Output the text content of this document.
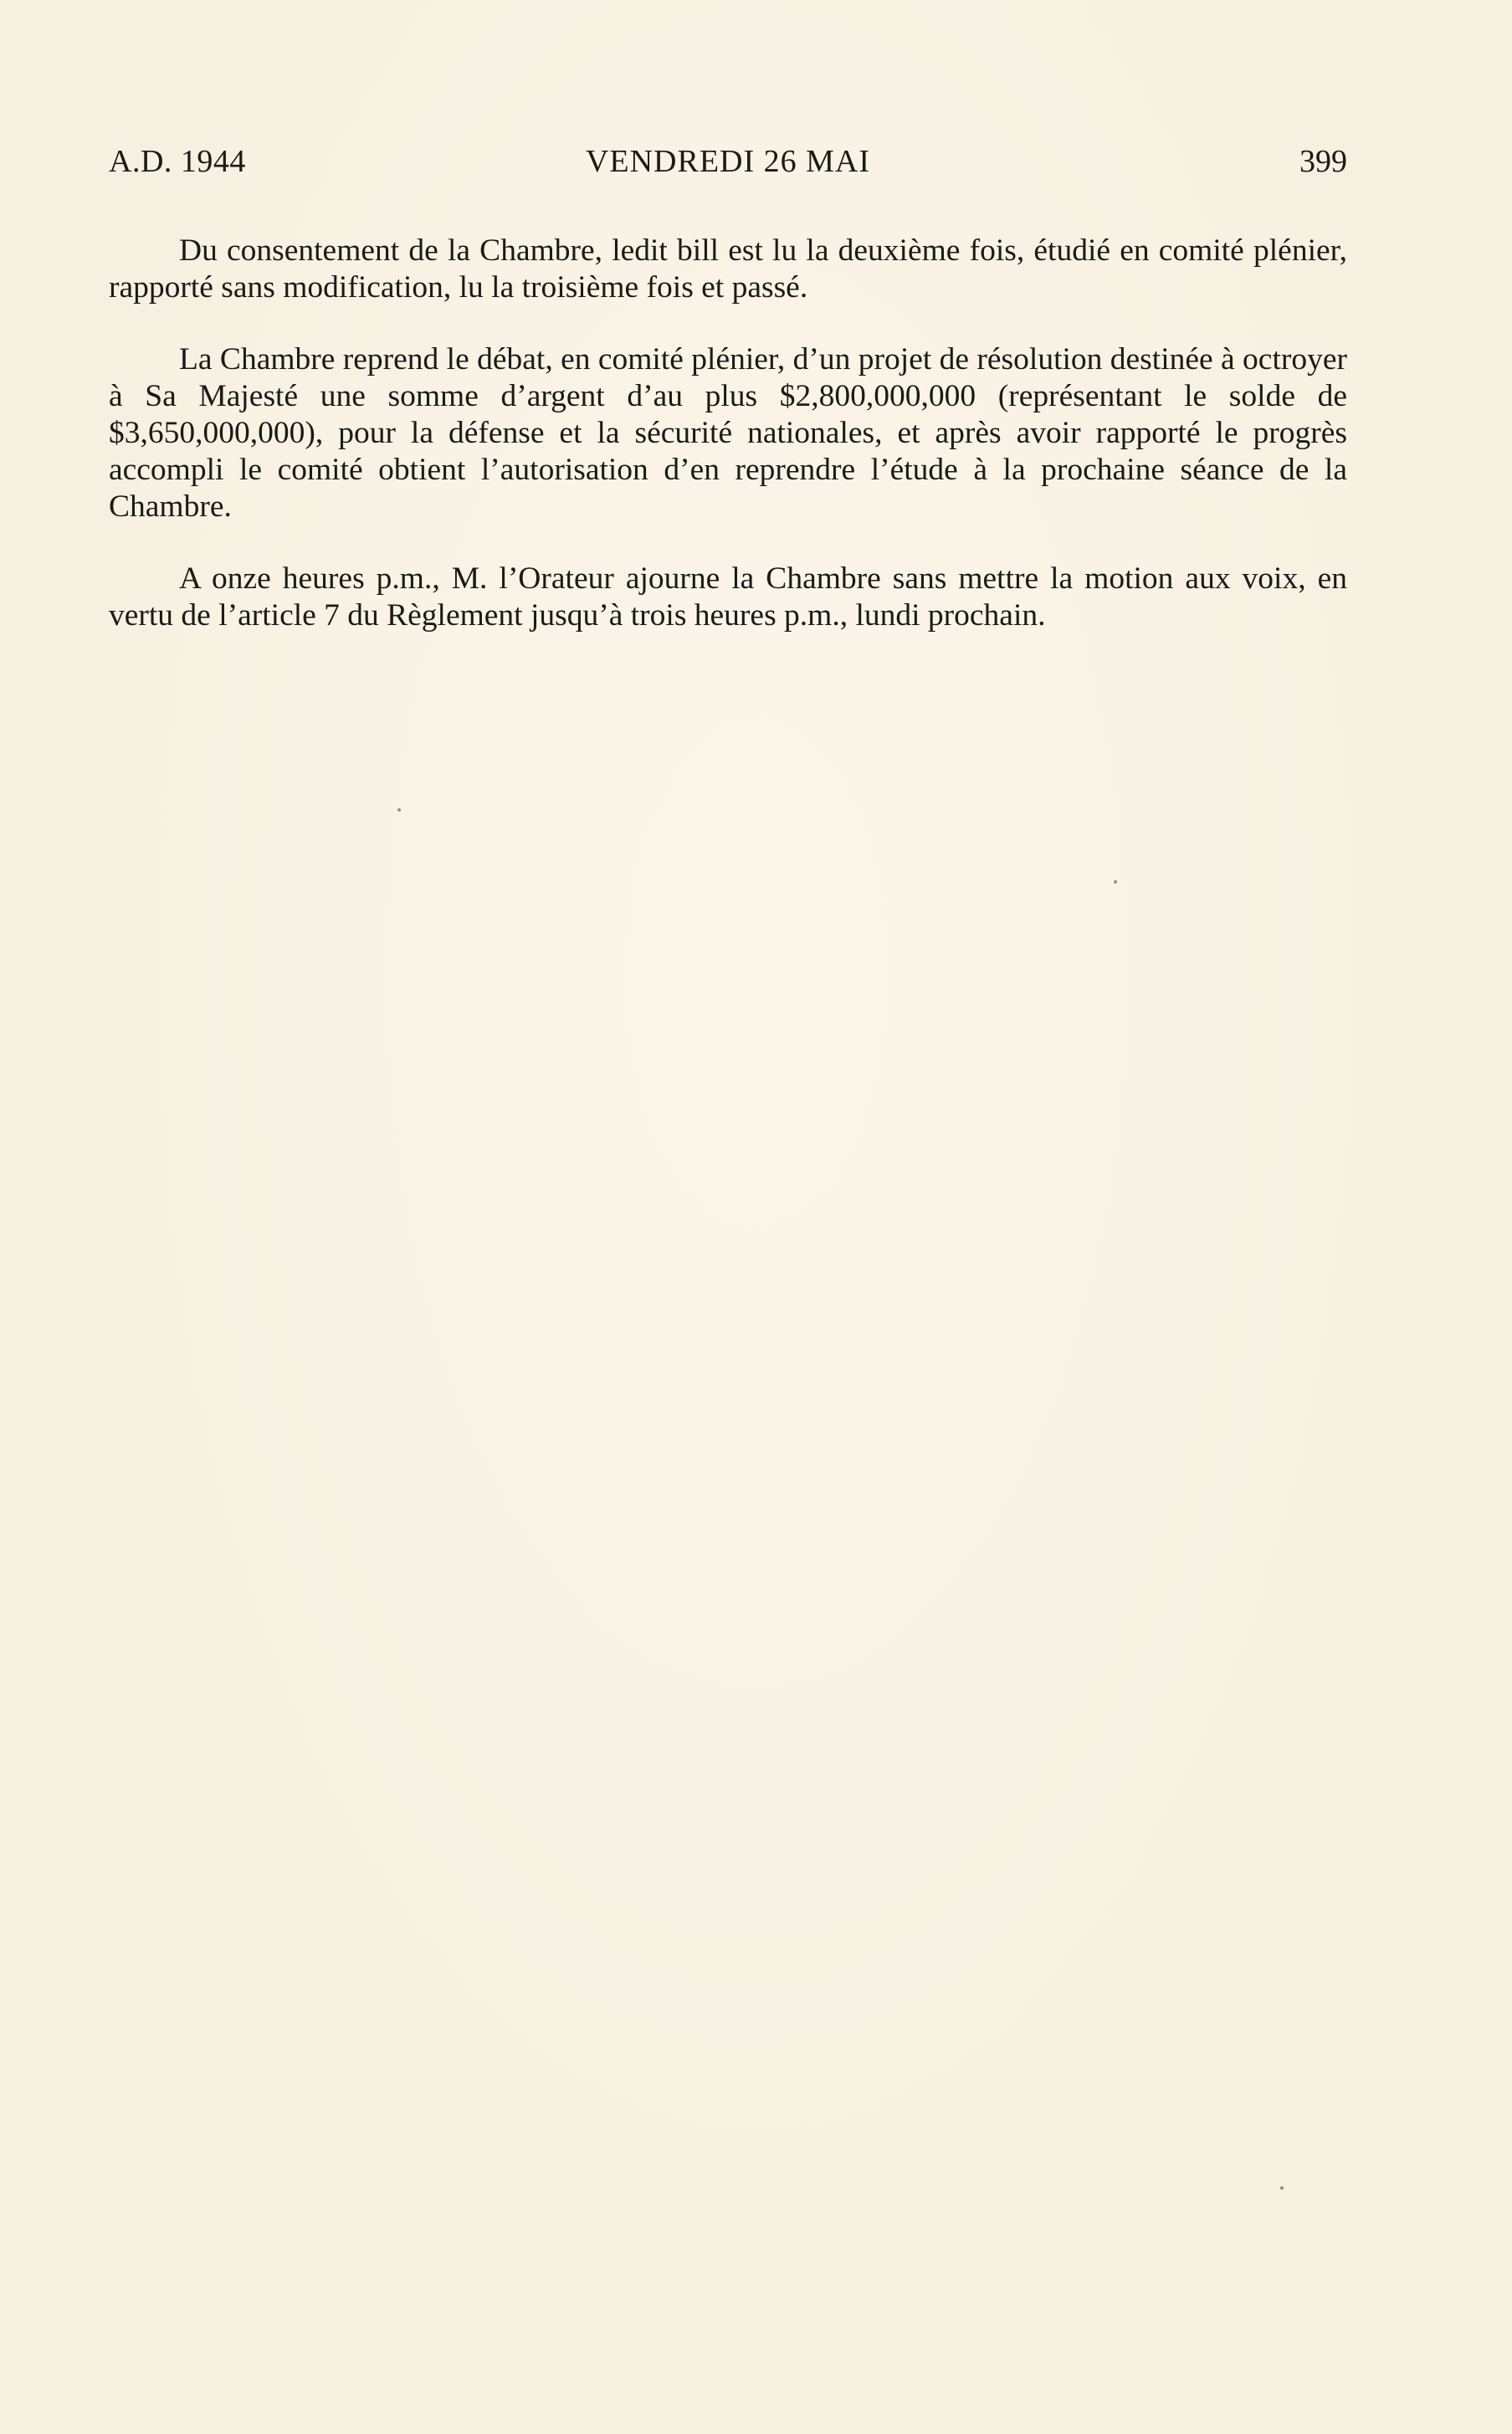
A.D. 1944	VENDREDI 26 MAI	399

Du consentement de la Chambre, ledit bill est lu la deuxième fois, étudié en comité plénier, rapporté sans modification, lu la troisième fois et passé.

La Chambre reprend le débat, en comité plénier, d’un projet de résolution destinée à octroyer à Sa Majesté une somme d’argent d’au plus $2,800,000,000 (représentant le solde de $3,650,000,000), pour la défense et la sécurité nationales, et après avoir rapporté le progrès accompli le comité obtient l’autorisation d’en reprendre l’étude à la prochaine séance de la Chambre.

A onze heures p.m., M. l’Orateur ajourne la Chambre sans mettre la motion aux voix, en vertu de l’article 7 du Règlement jusqu’à trois heures p.m., lundi prochain.
